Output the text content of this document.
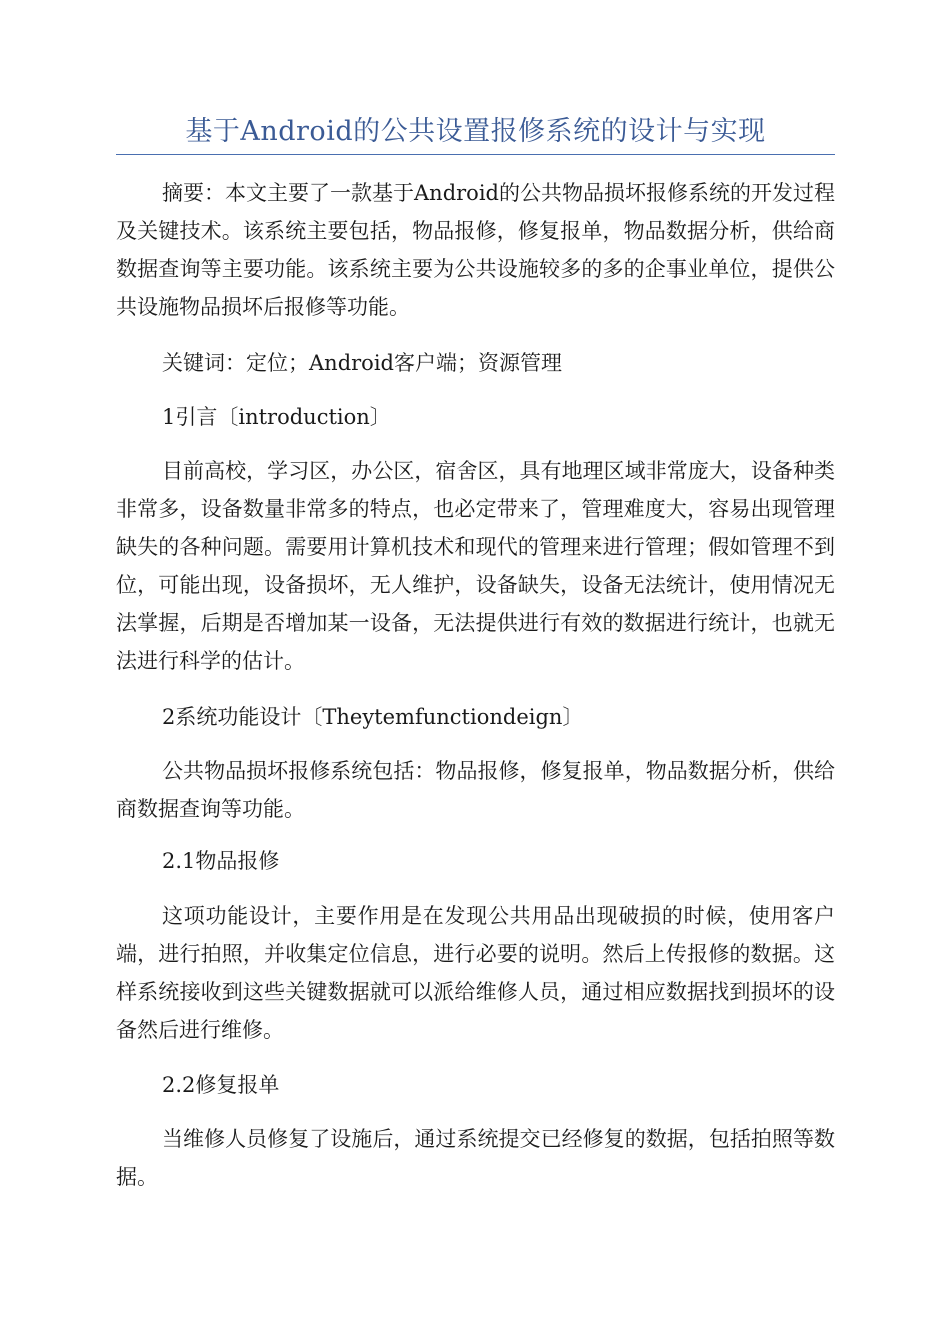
基于Android的公共设置报修系统的设计与实现
摘要：本文主要了一款基于Android的公共物品损坏报修系统的开发过程及关键技术。该系统主要包括，物品报修，修复报单，物品数据分析，供给商数据查询等主要功能。该系统主要为公共设施较多的多的企事业单位，提供公共设施物品损坏后报修等功能。
关键词：定位；Android客户端；资源管理
1引言〔introduction〕
目前高校，学习区，办公区，宿舍区，具有地理区域非常庞大，设备种类非常多，设备数量非常多的特点，也必定带来了，管理难度大，容易出现管理缺失的各种问题。需要用计算机技术和现代的管理来进行管理；假如管理不到位，可能出现，设备损坏，无人维护，设备缺失，设备无法统计，使用情况无法掌握，后期是否增加某一设备，无法提供进行有效的数据进行统计，也就无法进行科学的估计。
2系统功能设计〔Theytemfunctiondeign〕
公共物品损坏报修系统包括：物品报修，修复报单，物品数据分析，供给商数据查询等功能。
2.1物品报修
这项功能设计，主要作用是在发现公共用品出现破损的时候，使用客户端，进行拍照，并收集定位信息，进行必要的说明。然后上传报修的数据。这样系统接收到这些关键数据就可以派给维修人员，通过相应数据找到损坏的设备然后进行维修。
2.2修复报单
当维修人员修复了设施后，通过系统提交已经修复的数据，包括拍照等数据。
